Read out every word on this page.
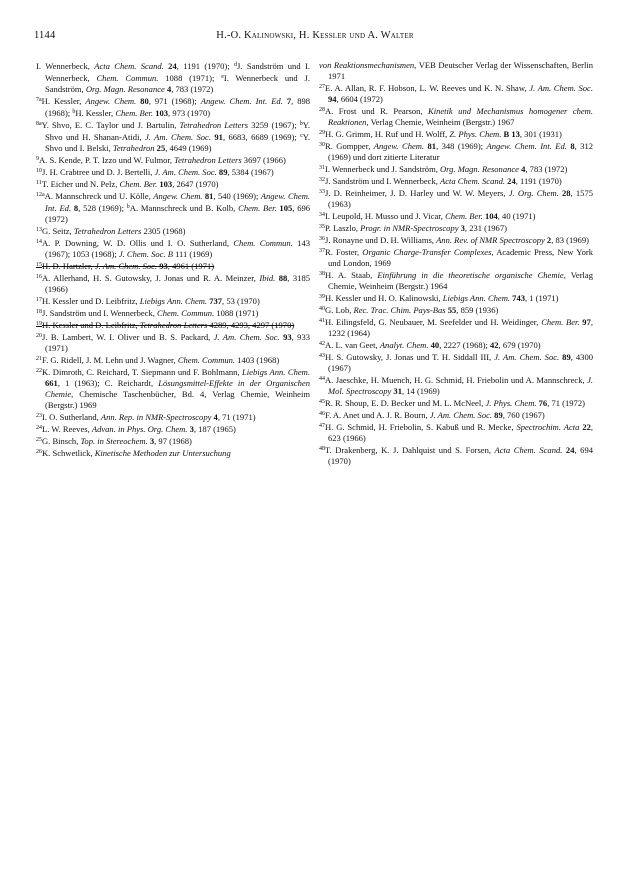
1144	H.-O. Kalinowski, H. Kessler und A. Walter

I. Wennerbeck, Acta Chem. Scand. 24, 1191 (1970); $^d$J. Sandström und I. Wennerbeck, Chem. Commun. 1088 (1971); $^e$I. Wennerbeck und J. Sandström, Org. Magn. Resonance 4, 783 (1972)

$^{7a}$H. Kessler, Angew. Chem. 80, 971 (1968); Angew. Chem. Int. Ed. 7, 898 (1968); $^b$H. Kessler, Chem. Ber. 103, 973 (1970)

$^{8a}$Y. Shvo, E. C. Taylor und J. Bartulin, Tetrahedron Letters 3259 (1967); $^b$Y. Shvo und H. Shanan-Atidi, J. Am. Chem. Soc. 91, 6683, 6689 (1969); $^c$Y. Shvo und I. Belski, Tetrahedron 25, 4649 (1969)

$^9$A. S. Kende, P. T. Izzo und W. Fulmor, Tetrahedron Letters 3697 (1966)

$^{10}$J. H. Crabtree und D. J. Bertelli, J. Am. Chem. Soc. 89, 5384 (1967)

$^{11}$T. Eicher und N. Pelz, Chem. Ber. 103, 2647 (1970)

$^{12a}$A. Mannschreck und U. Kölle, Angew. Chem. 81, 540 (1969); Angew. Chem. Int. Ed. 8, 528 (1969); $^b$A. Mannschreck und B. Kolb, Chem. Ber. 105, 696 (1972)

$^{13}$G. Seitz, Tetrahedron Letters 2305 (1968)

$^{14}$A. P. Downing, W. D. Ollis und I. O. Sutherland, Chem. Commun. 143 (1967); 1053 (1968); J. Chem. Soc. B 111 (1969)

$^{15}$H. D. Hartzler, J. Am. Chem. Soc. 93, 4961 (1971)

$^{16}$A. Allerhand, H. S. Gutowsky, J. Jonas und R. A. Meinzer, Ibid. 88, 3185 (1966)

$^{17}$H. Kessler und D. Leibfritz, Liebigs Ann. Chem. 737, 53 (1970)

$^{18}$J. Sandström und I. Wennerbeck, Chem. Commun. 1088 (1971)

$^{19}$H. Kessler und D. Leibfritz, Tetrahedron Letters 4289, 4293, 4297 (1970)

$^{20}$J. B. Lambert, W. I. Oliver und B. S. Packard, J. Am. Chem. Soc. 93, 933 (1971)

$^{21}$F. G. Ridell, J. M. Lehn und J. Wagner, Chem. Commun. 1403 (1968)

$^{22}$K. Dimroth, C. Reichard, T. Siepmann und F. Bohlmann, Liebigs Ann. Chem. 661, 1 (1963); C. Reichardt, Lösungsmittel-Effekte in der Organischen Chemie, Chemische Taschenbücher, Bd. 4, Verlag Chemie, Weinheim (Bergstr.) 1969

$^{23}$I. O. Sutherland, Ann. Rep. in NMR-Spectroscopy 4, 71 (1971)

$^{24}$L. W. Reeves, Advan. in Phys. Org. Chem. 3, 187 (1965)

$^{25}$G. Binsch, Top. in Stereochem. 3, 97 (1968)

$^{26}$K. Schwetlick, Kinetische Methoden zur Untersuchung

von Reaktionsmechanismen, VEB Deutscher Verlag der Wissenschaften, Berlin 1971

$^{27}$E. A. Allan, R. F. Hobson, L. W. Reeves und K. N. Shaw, J. Am. Chem. Soc. 94, 6604 (1972)

$^{28}$A. Frost und R. Pearson, Kinetik und Mechanismus homogener chem. Reaktionen, Verlag Chemie, Weinheim (Bergstr.) 1967

$^{29}$H. G. Grimm, H. Ruf und H. Wolff, Z. Phys. Chem. B 13, 301 (1931)

$^{30}$R. Gompper, Angew. Chem. 81, 348 (1969); Angew. Chem. Int. Ed. 8, 312 (1969) und dort zitierte Literatur

$^{31}$I. Wennerbeck und J. Sandström, Org. Magn. Resonance 4, 783 (1972)

$^{32}$J. Sandström und I. Wennerbeck, Acta Chem. Scand. 24, 1191 (1970)

$^{33}$J. D. Reinheimer, J. D. Harley und W. W. Meyers, J. Org. Chem. 28, 1575 (1963)

$^{34}$I. Leupold, H. Musso und J. Vicar, Chem. Ber. 104, 40 (1971)

$^{35}$P. Laszlo, Progr. in NMR-Spectroscopy 3, 231 (1967)

$^{36}$J. Ronayne und D. H. Williams, Ann. Rev. of NMR Spectroscopy 2, 83 (1969)

$^{37}$R. Foster, Organic Charge-Transfer Complexes, Academic Press, New York und London, 1969

$^{38}$H. A. Staab, Einführung in die theoretische organische Chemie, Verlag Chemie, Weinheim (Bergstr.) 1964

$^{39}$H. Kessler und H. O. Kalinowski, Liebigs Ann. Chem. 743, 1 (1971)

$^{40}$G. Lob, Rec. Trac. Chim. Pays-Bas 55, 859 (1936)

$^{41}$H. Eilingsfeld, G. Neubauer, M. Seefelder und H. Weidinger, Chem. Ber. 97, 1232 (1964)

$^{42}$A. L. van Geet, Analyt. Chem. 40, 2227 (1968); 42, 679 (1970)

$^{43}$H. S. Gutowsky, J. Jonas und T. H. Siddall III, J. Am. Chem. Soc. 89, 4300 (1967)

$^{44}$A. Jaeschke, H. Muench, H. G. Schmid, H. Friebolin und A. Mannschreck, J. Mol. Spectroscopy 31, 14 (1969)

$^{45}$R. R. Shoup, E. D. Becker und M. L. McNeel, J. Phys. Chem. 76, 71 (1972)

$^{46}$F. A. Anet und A. J. R. Bourn, J. Am. Chem. Soc. 89, 760 (1967)

$^{47}$H. G. Schmid, H. Friebolin, S. Kabuß und R. Mecke, Spectrochim. Acta 22, 623 (1966)

$^{48}$T. Drakenberg, K. J. Dahlquist und S. Forsen, Acta Chem. Scand. 24, 694 (1970)
